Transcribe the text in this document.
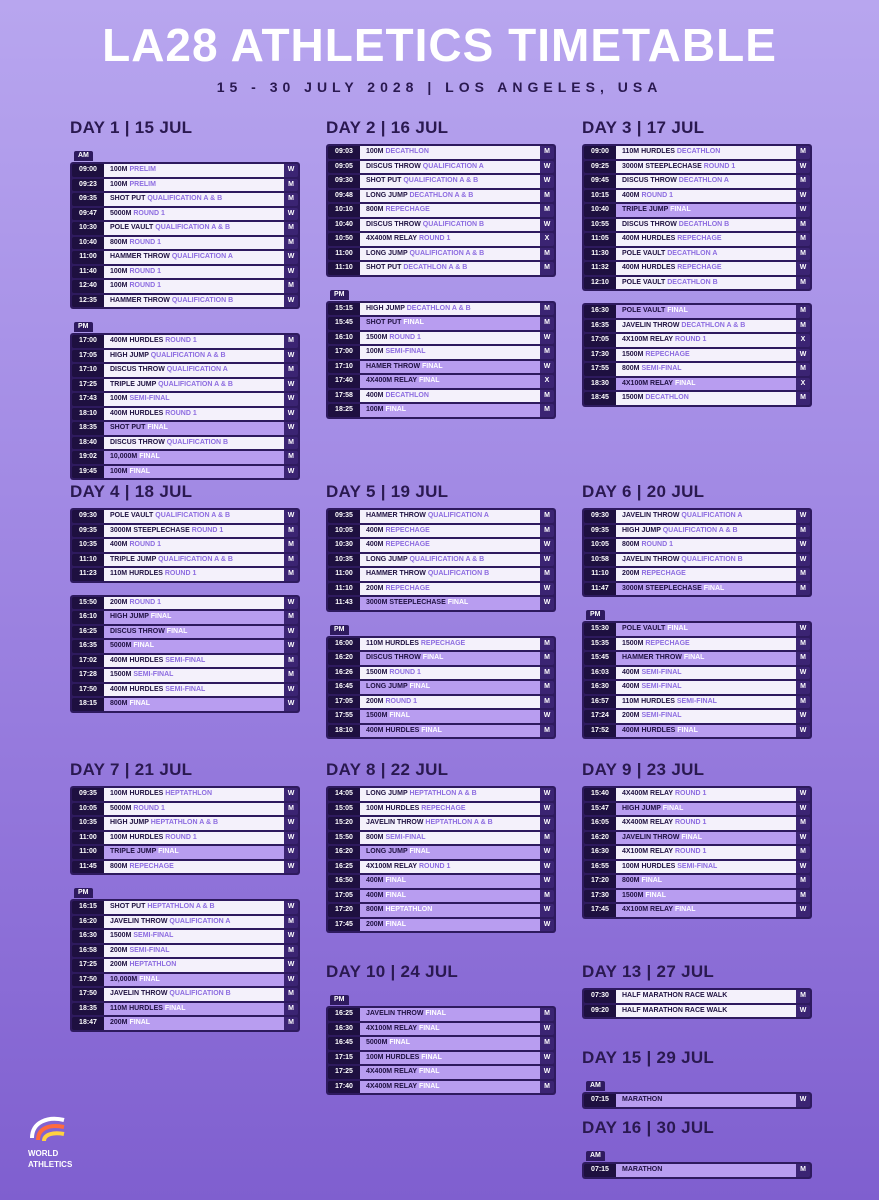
LA28 ATHLETICS TIMETABLE
15 - 30 JULY 2028 | LOS ANGELES, USA
DAY 1 | 15 JUL
AM
09:00	100M PRELIM	W
09:23	100M PRELIM	M
09:35	SHOT PUT QUALIFICATION A & B	M
09:47	5000M ROUND 1	W
10:30	POLE VAULT QUALIFICATION A & B	M
10:40	800M ROUND 1	M
11:00	HAMMER THROW QUALIFICATION A	W
11:40	100M ROUND 1	W
12:40	100M ROUND 1	M
12:35	HAMMER THROW QUALIFICATION B	W
PM
17:00	400M HURDLES ROUND 1	M
17:05	HIGH JUMP QUALIFICATION A & B	W
17:10	DISCUS THROW QUALIFICATION A	M
17:25	TRIPLE JUMP QUALIFICATION A & B	W
17:43	100M SEMI-FINAL	W
18:10	400M HURDLES ROUND 1	W
18:35	SHOT PUT FINAL	W
18:40	DISCUS THROW QUALIFICATION B	M
19:02	10,000M FINAL	M
19:45	100M FINAL	W
DAY 2 | 16 JUL
09:03	100M DECATHLON	M
09:05	DISCUS THROW QUALIFICATION A	W
09:30	SHOT PUT QUALIFICATION A & B	W
09:48	LONG JUMP DECATHLON A & B	M
10:10	800M REPECHAGE	M
10:40	DISCUS THROW QUALIFICATION B	W
10:50	4X400M RELAY ROUND 1	X
11:00	LONG JUMP QUALIFICATION A & B	M
11:10	SHOT PUT DECATHLON A & B	M
PM
15:15	HIGH JUMP DECATHLON A & B	M
15:45	SHOT PUT FINAL	M
16:10	1500M ROUND 1	W
17:00	100M SEMI-FINAL	M
17:10	HAMER THROW FINAL	W
17:40	4X400M RELAY FINAL	X
17:58	400M DECATHLON	M
18:25	100M FINAL	M
DAY 3 | 17 JUL
09:00	110M HURDLES DECATHLON	M
09:25	3000M STEEPLECHASE ROUND 1	W
09:45	DISCUS THROW DECATHLON A	M
10:15	400M ROUND 1	W
10:40	TRIPLE JUMP FINAL	W
10:55	DISCUS THROW DECATHLON B	M
11:05	400M HURDLES REPECHAGE	M
11:30	POLE VAULT DECATHLON A	M
11:32	400M HURDLES REPECHAGE	W
12:10	POLE VAULT DECATHLON B	M
16:30	POLE VAULT FINAL	M
16:35	JAVELIN THROW DECATHLON A & B	M
17:05	4X100M RELAY ROUND 1	X
17:30	1500M REPECHAGE	W
17:55	800M SEMI-FINAL	M
18:30	4X100M RELAY FINAL	X
18:45	1500M DECATHLON	M
DAY 4 | 18 JUL
09:30	POLE VAULT QUALIFICATION A & B	W
09:35	3000M STEEPLECHASE ROUND 1	M
10:35	400M ROUND 1	M
11:10	TRIPLE JUMP QUALIFICATION A & B	M
11:23	110M HURDLES ROUND 1	M
15:50	200M ROUND 1	W
16:10	HIGH JUMP FINAL	M
16:25	DISCUS THROW FINAL	W
16:35	5000M FINAL	W
17:02	400M HURDLES SEMI-FINAL	M
17:28	1500M SEMI-FINAL	M
17:50	400M HURDLES SEMI-FINAL	W
18:15	800M FINAL	W
DAY 5 | 19 JUL
09:35	HAMMER THROW QUALIFICATION A	M
10:05	400M REPECHAGE	M
10:30	400M REPECHAGE	W
10:35	LONG JUMP QUALIFICATION A & B	W
11:00	HAMMER THROW QUALIFICATION B	M
11:10	200M REPECHAGE	W
11:43	3000M STEEPLECHASE FINAL	W
PM
16:00	110M HURDLES REPECHAGE	M
16:20	DISCUS THROW FINAL	M
16:26	1500M ROUND 1	M
16:45	LONG JUMP FINAL	M
17:05	200M ROUND 1	M
17:55	1500M FINAL	W
18:10	400M HURDLES FINAL	M
DAY 6 | 20 JUL
09:30	JAVELIN THROW QUALIFICATION A	W
09:35	HIGH JUMP QUALIFICATION A & B	M
10:05	800M ROUND 1	W
10:58	JAVELIN THROW QUALIFICATION B	W
11:10	200M REPECHAGE	M
11:47	3000M STEEPLECHASE FINAL	M
PM
15:30	POLE VAULT FINAL	W
15:35	1500M REPECHAGE	M
15:45	HAMMER THROW FINAL	M
16:03	400M SEMI-FINAL	W
16:30	400M SEMI-FINAL	M
16:57	110M HURDLES SEMI-FINAL	M
17:24	200M SEMI-FINAL	W
17:52	400M HURDLES FINAL	W
DAY 7 | 21 JUL
09:35	100M HURDLES HEPTATHLON	W
10:05	5000M ROUND 1	M
10:35	HIGH JUMP HEPTATHLON A & B	W
11:00	100M HURDLES ROUND 1	W
11:00	TRIPLE JUMP FINAL	W
11:45	800M REPECHAGE	W
PM
16:15	SHOT PUT HEPTATHLON A & B	W
16:20	JAVELIN THROW QUALIFICATION A	M
16:30	1500M SEMI-FINAL	W
16:58	200M SEMI-FINAL	M
17:25	200M HEPTATHLON	W
17:50	10,000M FINAL	W
17:50	JAVELIN THROW QUALIFICATION B	M
18:35	110M HURDLES FINAL	M
18:47	200M FINAL	M
DAY 8 | 22 JUL
14:05	LONG JUMP HEPTATHLON A & B	W
15:05	100M HURDLES REPECHAGE	W
15:20	JAVELIN THROW HEPTATHLON A & B	W
15:50	800M SEMI-FINAL	M
16:20	LONG JUMP FINAL	W
16:25	4X100M RELAY ROUND 1	W
16:50	400M FINAL	W
17:05	400M FINAL	M
17:20	800M HEPTATHLON	W
17:45	200M FINAL	W
DAY 9 | 23 JUL
15:40	4X400M RELAY ROUND 1	W
15:47	HIGH JUMP FINAL	W
16:05	4X400M RELAY ROUND 1	M
16:20	JAVELIN THROW FINAL	W
16:30	4X100M RELAY ROUND 1	M
16:55	100M HURDLES SEMI-FINAL	W
17:20	800M FINAL	M
17:30	1500M FINAL	M
17:45	4X100M RELAY FINAL	W
DAY 10 | 24 JUL
PM
16:25	JAVELIN THROW FINAL	M
16:30	4X100M RELAY FINAL	W
16:45	5000M FINAL	M
17:15	100M HURDLES FINAL	W
17:25	4X400M RELAY FINAL	W
17:40	4X400M RELAY FINAL	M
DAY 13 | 27 JUL
07:30	HALF MARATHON RACE WALK	M
09:20	HALF MARATHON RACE WALK	W
DAY 15 | 29 JUL
AM
07:15	MARATHON	W
DAY 16 | 30 JUL
AM
07:15	MARATHON	M
WORLD
ATHLETICS
